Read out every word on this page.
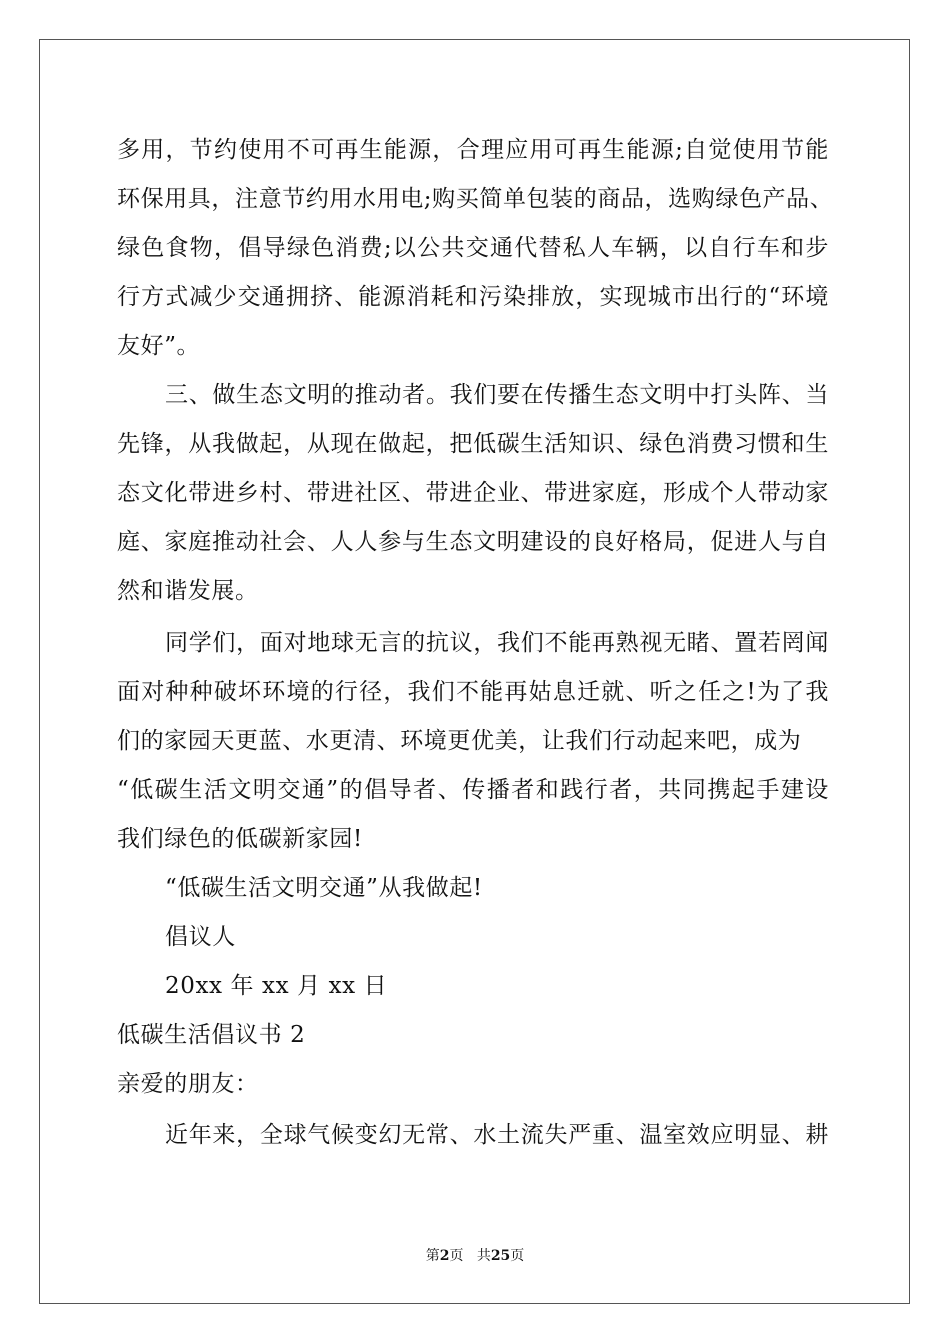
多用，节约使用不可再生能源，合理应用可再生能源;自觉使用节能
环保用具，注意节约用水用电;购买简单包装的商品，选购绿色产品、
绿色食物，倡导绿色消费;以公共交通代替私人车辆，以自行车和步
行方式减少交通拥挤、能源消耗和污染排放，实现城市出行的“环境
友好”。
三、做生态文明的推动者。我们要在传播生态文明中打头阵、当
先锋，从我做起，从现在做起，把低碳生活知识、绿色消费习惯和生
态文化带进乡村、带进社区、带进企业、带进家庭，形成个人带动家
庭、家庭推动社会、人人参与生态文明建设的良好格局，促进人与自
然和谐发展。
同学们，面对地球无言的抗议，我们不能再熟视无睹、置若罔闻
面对种种破坏环境的行径，我们不能再姑息迁就、听之任之!为了我
们的家园天更蓝、水更清、环境更优美，让我们行动起来吧，成为
“低碳生活文明交通”的倡导者、传播者和践行者，共同携起手建设
我们绿色的低碳新家园!
“低碳生活文明交通”从我做起!
倡议人
20xx 年 xx 月 xx 日
低碳生活倡议书 2
亲爱的朋友：
近年来，全球气候变幻无常、水土流失严重、温室效应明显、耕
第2页 共25页
